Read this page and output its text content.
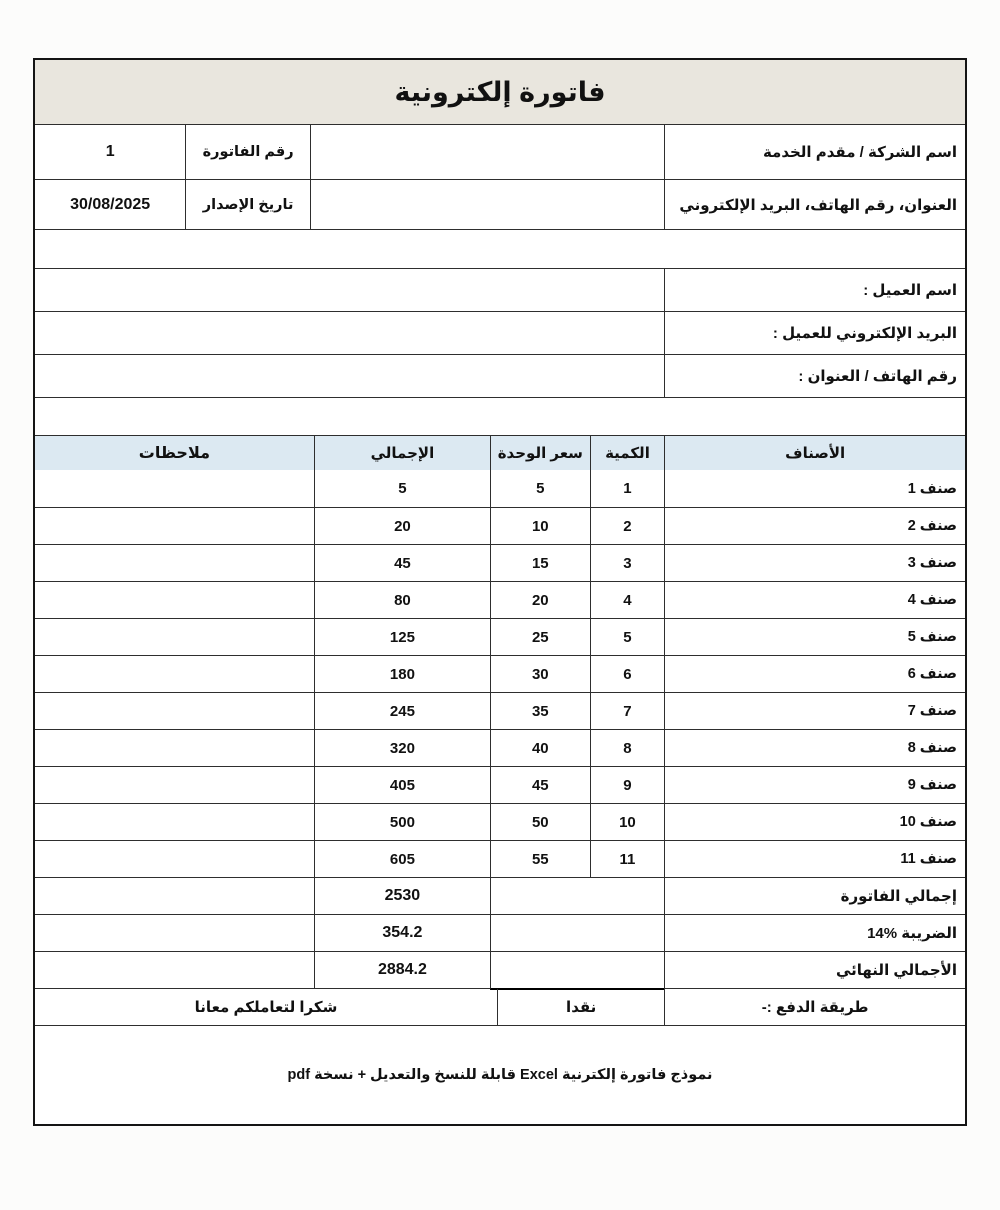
فاتورة إلكترونية
اسم الشركة / مقدم الخدمة
رقم الفاتورة
1
العنوان، رقم الهاتف، البريد الإلكتروني
تاريخ الإصدار
30/08/2025
اسم العميل :
البريد الإلكتروني للعميل :
رقم الهاتف / العنوان :
الأصناف
الكمية
سعر الوحدة
الإجمالي
ملاحظات
صنف 1
1
5
5
صنف 2
2
10
20
صنف 3
3
15
45
صنف 4
4
20
80
صنف 5
5
25
125
صنف 6
6
30
180
صنف 7
7
35
245
صنف 8
8
40
320
صنف 9
9
45
405
صنف 10
10
50
500
صنف 11
11
55
605
إجمالي الفاتورة
2530
الضريبة %14
354.2
الأجمالي النهائي
2884.2
طريقة الدفع :-
نقدا
شكرا لتعاملكم معانا
نموذج فاتورة إلكترنية Excel قابلة للنسخ والتعديل + نسخة pdf
